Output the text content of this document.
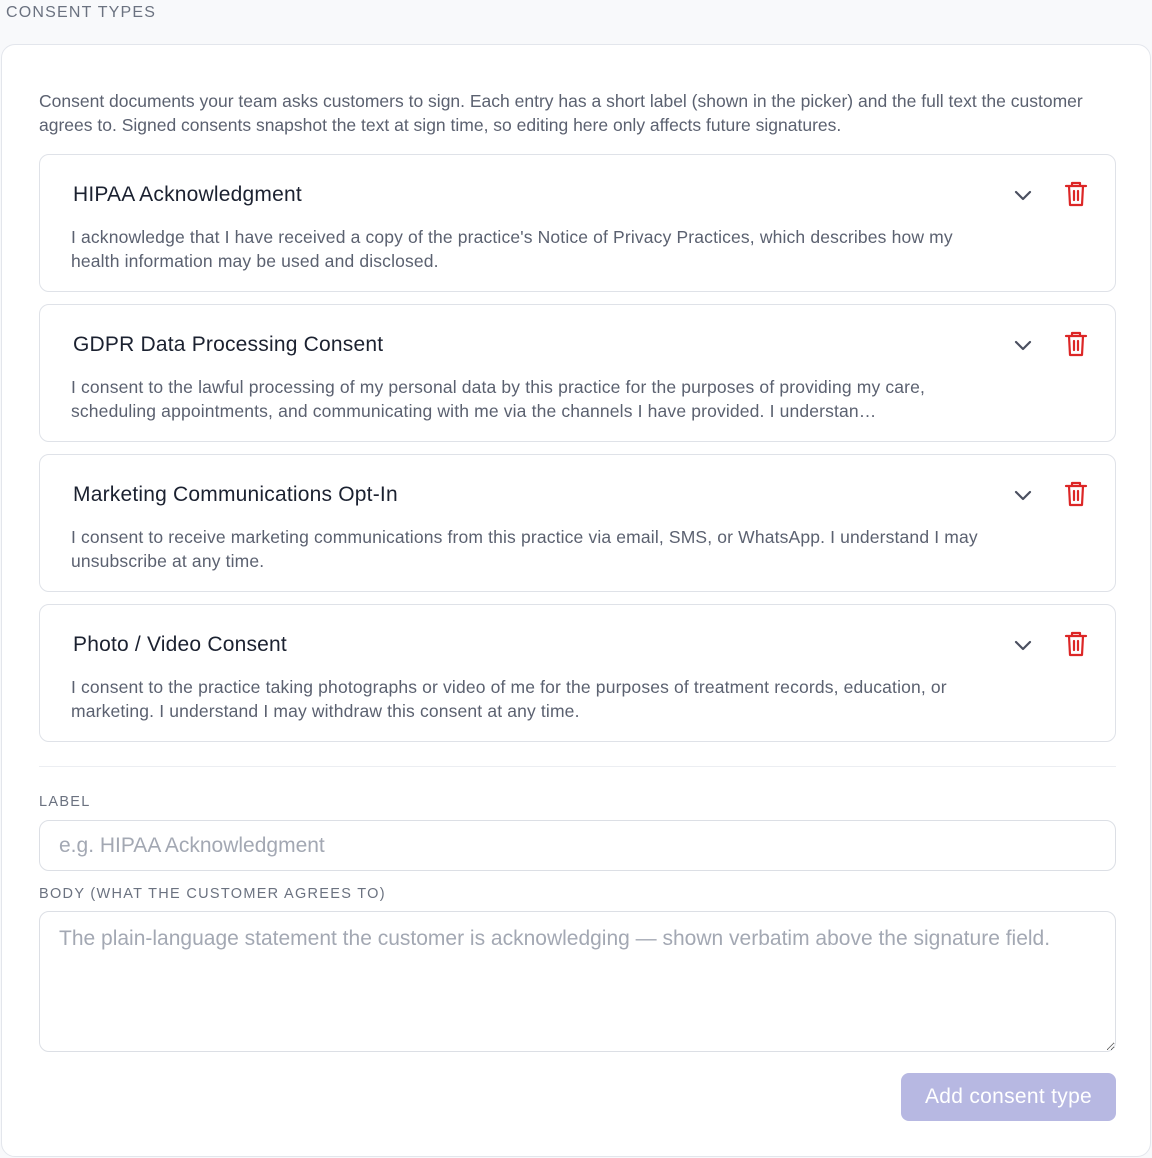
CONSENT TYPES

Consent documents your team asks customers to sign. Each entry has a short label (shown in the picker) and the full text the customer agrees to. Signed consents snapshot the text at sign time, so editing here only affects future signatures.

HIPAA Acknowledgment
I acknowledge that I have received a copy of the practice's Notice of Privacy Practices, which describes how my health information may be used and disclosed.
GDPR Data Processing Consent
I consent to the lawful processing of my personal data by this practice for the purposes of providing my care, scheduling appointments, and communicating with me via the channels I have provided. I understan…
Marketing Communications Opt-In
I consent to receive marketing communications from this practice via email, SMS, or WhatsApp. I understand I may unsubscribe at any time.
Photo / Video Consent
I consent to the practice taking photographs or video of me for the purposes of treatment records, education, or marketing. I understand I may withdraw this consent at any time.
LABEL
e.g. HIPAA Acknowledgment
BODY (WHAT THE CUSTOMER AGREES TO)
The plain-language statement the customer is acknowledging — shown verbatim above the signature field.
Add consent type
